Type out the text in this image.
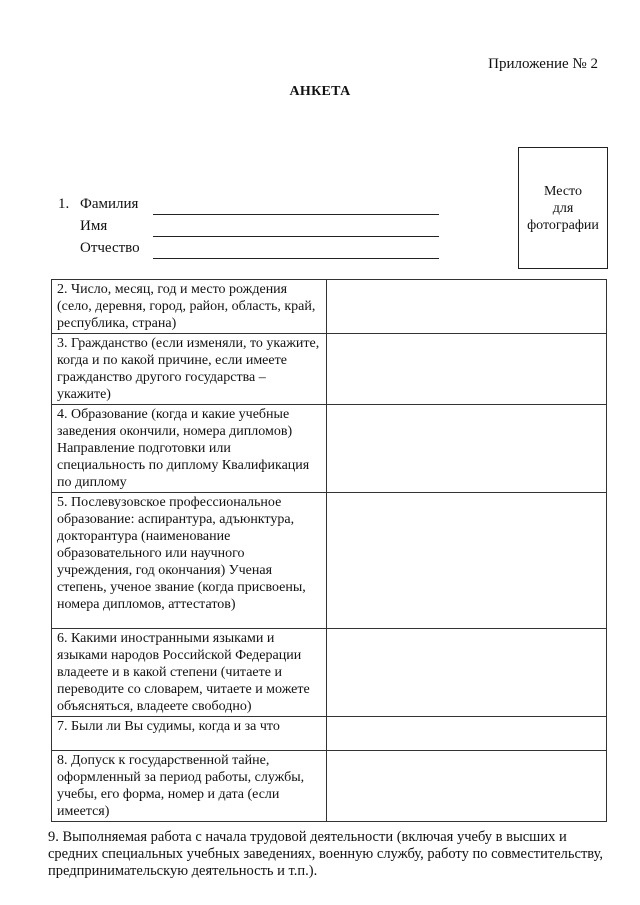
Приложение № 2
АНКЕТА
Место
для
фотографии
1. Фамилия
Имя
Отчество
2. Число, месяц, год и место рождения (село, деревня, город, район, область, край, республика, страна)	
3. Гражданство (если изменяли, то укажите, когда и по какой причине, если имеете гражданство другого государства – укажите)	
4. Образование (когда и какие учебные заведения окончили, номера дипломов) Направление подготовки или специальность по диплому Квалификация по диплому	
5. Послевузовское профессиональное образование: аспирантура, адъюнктура, докторантура (наименование образовательного или научного учреждения, год окончания) Ученая степень, ученое звание (когда присвоены, номера дипломов, аттестатов)	
6. Какими иностранными языками и языками народов Российской Федерации владеете и в какой степени (читаете и переводите со словарем, читаете и можете объясняться, владеете свободно)	
7. Были ли Вы судимы, когда и за что	
8. Допуск к государственной тайне, оформленный за период работы, службы, учебы, его форма, номер и дата (если имеется)	
9. Выполняемая работа с начала трудовой деятельности (включая учебу в высших и средних специальных учебных заведениях, военную службу, работу по совместительству, предпринимательскую деятельность и т.п.).
